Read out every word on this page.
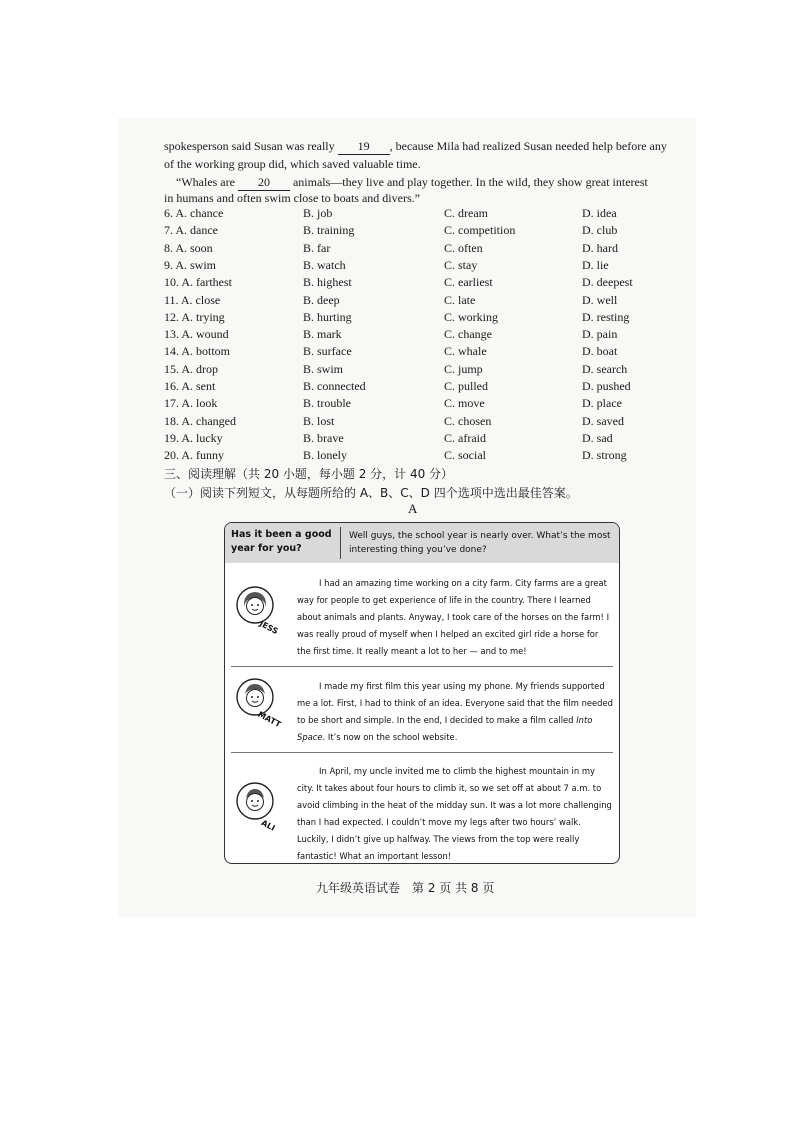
spokesperson said Susan was really 19 , because Mila had realized Susan needed help before any
of the working group did, which saved valuable time.
“Whales are 20 animals—they live and play together. In the wild, they show great interest
in humans and often swim close to boats and divers.”
6. A. chance	B. job	C. dream	D. idea
7. A. dance	B. training	C. competition	D. club
8. A. soon	B. far	C. often	D. hard
9. A. swim	B. watch	C. stay	D. lie
10. A. farthest	B. highest	C. earliest	D. deepest
11. A. close	B. deep	C. late	D. well
12. A. trying	B. hurting	C. working	D. resting
13. A. wound	B. mark	C. change	D. pain
14. A. bottom	B. surface	C. whale	D. boat
15. A. drop	B. swim	C. jump	D. search
16. A. sent	B. connected	C. pulled	D. pushed
17. A. look	B. trouble	C. move	D. place
18. A. changed	B. lost	C. chosen	D. saved
19. A. lucky	B. brave	C. afraid	D. sad
20. A. funny	B. lonely	C. social	D. strong
三、阅读理解（共 20 小题，每小题 2 分，计 40 分）
（一）阅读下列短文，从每题所给的 A、B、C、D 四个选项中选出最佳答案。
A
Has it been a good
year for you?
Well guys, the school year is nearly over. What’s the most
interesting thing you’ve done?
JESS
I had an amazing time working on a city farm. City farms are a great
way for people to get experience of life in the country. There I learned
about animals and plants. Anyway, I took care of the horses on the farm! I
was really proud of myself when I helped an excited girl ride a horse for
the first time. It really meant a lot to her — and to me!
MATT
I made my first film this year using my phone. My friends supported
me a lot. First, I had to think of an idea. Everyone said that the film needed
to be short and simple. In the end, I decided to make a film called Into
Space. It’s now on the school website.
ALI
In April, my uncle invited me to climb the highest mountain in my
city. It takes about four hours to climb it, so we set off at about 7 a.m. to
avoid climbing in the heat of the midday sun. It was a lot more challenging
than I had expected. I couldn’t move my legs after two hours’ walk.
Luckily, I didn’t give up halfway. The views from the top were really
fantastic! What an important lesson!
九年级英语试卷　第 2 页 共 8 页
